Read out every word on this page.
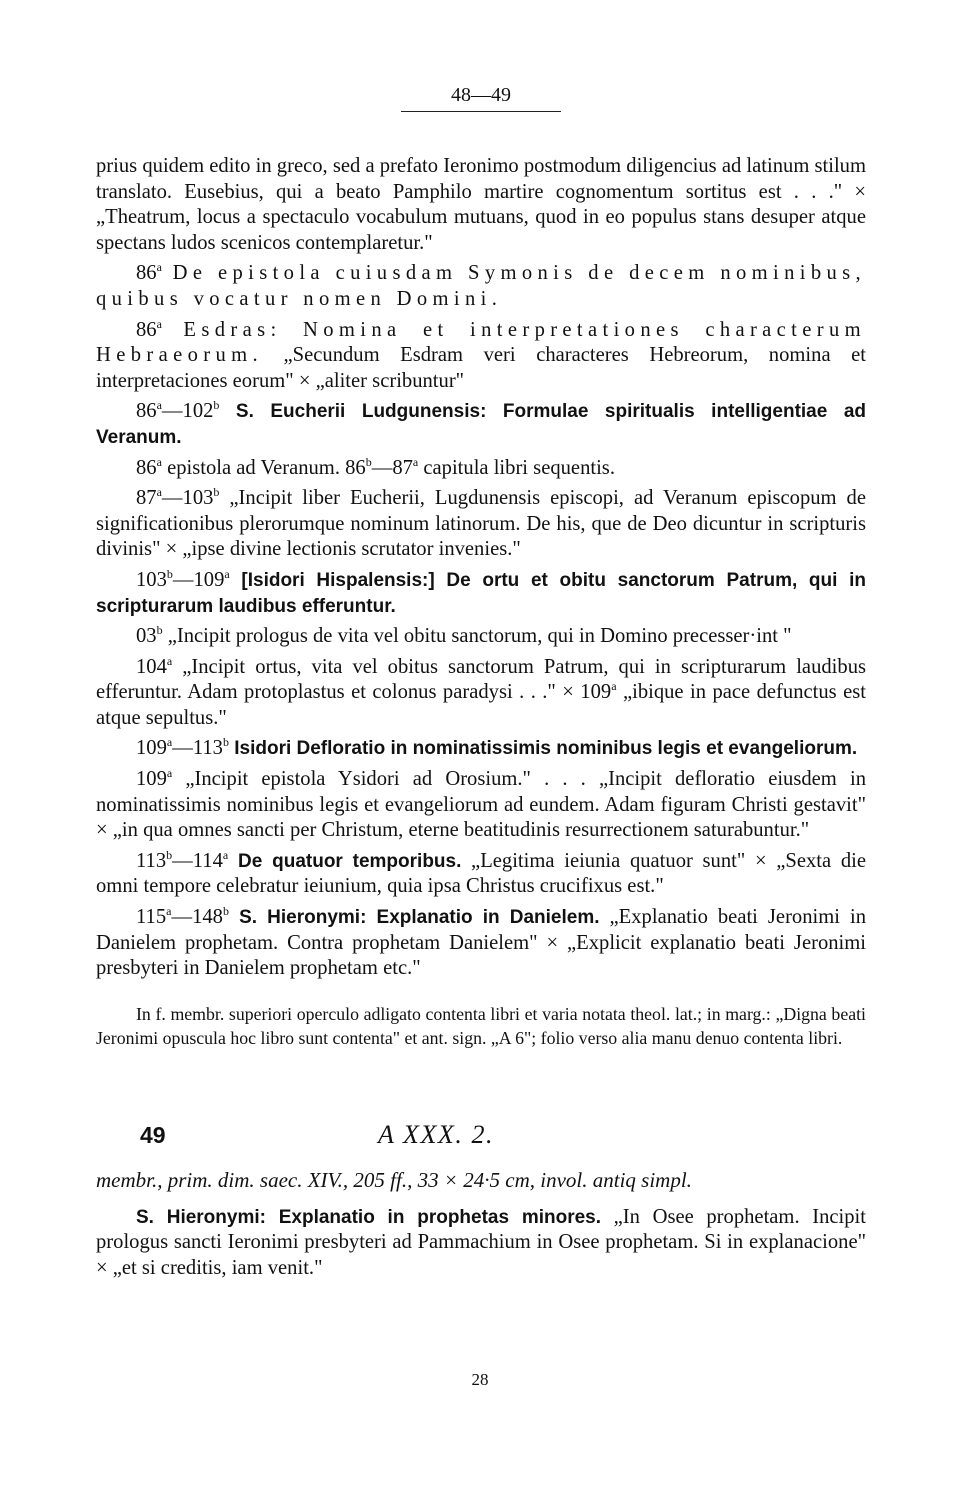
48—49

prius quidem edito in greco, sed a prefato Ieronimo postmodum diligencius ad latinum stilum translato. Eusebius, qui a beato Pamphilo martire cognomentum sortitus est . . ." × „Theatrum, locus a spectaculo vocabulum mutuans, quod in eo populus stans desuper atque spectans ludos scenicos contemplaretur."

86$^a$ De epistola cuiusdam Symonis de decem nominibus, quibus vocatur nomen Domini.

86$^a$ Esdras: Nomina et interpretationes characterum Hebraeorum. „Secundum Esdram veri characteres Hebreorum, nomina et interpretaciones eorum" × „aliter scribuntur"

86$^a$—102$^b$ S. Eucherii Ludgunensis: Formulae spiritualis intelligentiae ad Veranum.

86$^a$ epistola ad Veranum. 86$^b$—87$^a$ capitula libri sequentis.

87$^a$—103$^b$ „Incipit liber Eucherii, Lugdunensis episcopi, ad Veranum episcopum de significationibus plerorumque nominum latinorum. De his, que de Deo dicuntur in scripturis divinis" × „ipse divine lectionis scrutator invenies."

103$^b$—109$^a$ [Isidori Hispalensis:] De ortu et obitu sanctorum Patrum, qui in scripturarum laudibus efferuntur.

03$^b$ „Incipit prologus de vita vel obitu sanctorum, qui in Domino precesser·int "

104$^a$ „Incipit ortus, vita vel obitus sanctorum Patrum, qui in scripturarum laudibus efferuntur. Adam protoplastus et colonus paradysi . . ." × $109^a$ „ibique in pace defunctus est atque sepultus."

109$^a$—113$^b$ Isidori Defloratio in nominatissimis nominibus legis et evangeliorum.

109$^a$ „Incipit epistola Ysidori ad Orosium." . . . „Incipit defloratio eiusdem in nominatissimis nominibus legis et evangeliorum ad eundem. Adam figuram Christi gestavit" × „in qua omnes sancti per Christum, eterne beatitudinis resurrectionem saturabuntur."

113$^b$—114$^a$ De quatuor temporibus. „Legitima ieiunia quatuor sunt" × „Sexta die omni tempore celebratur ieiunium, quia ipsa Christus crucifixus est."

115$^a$—148$^b$ S. Hieronymi: Explanatio in Danielem. „Explanatio beati Jeronimi in Danielem prophetam. Contra prophetam Danielem" × „Explicit explanatio beati Jeronimi presbyteri in Danielem prophetam etc."

In f. membr. superiori operculo adligato contenta libri et varia notata theol. lat.; in marg.: „Digna beati Jeronimi opuscula hoc libro sunt contenta" et ant. sign. „A 6"; folio verso alia manu denuo contenta libri.

49	A XXX. 2.
membr., prim. dim. saec. XIV., 205 ff., 33 × 24·5 cm, invol. antiq simpl.

S. Hieronymi: Explanatio in prophetas minores. „In Osee prophetam. Incipit prologus sancti Ieronimi presbyteri ad Pammachium in Osee prophetam. Si in explanacione" × „et si creditis, iam venit."

28
